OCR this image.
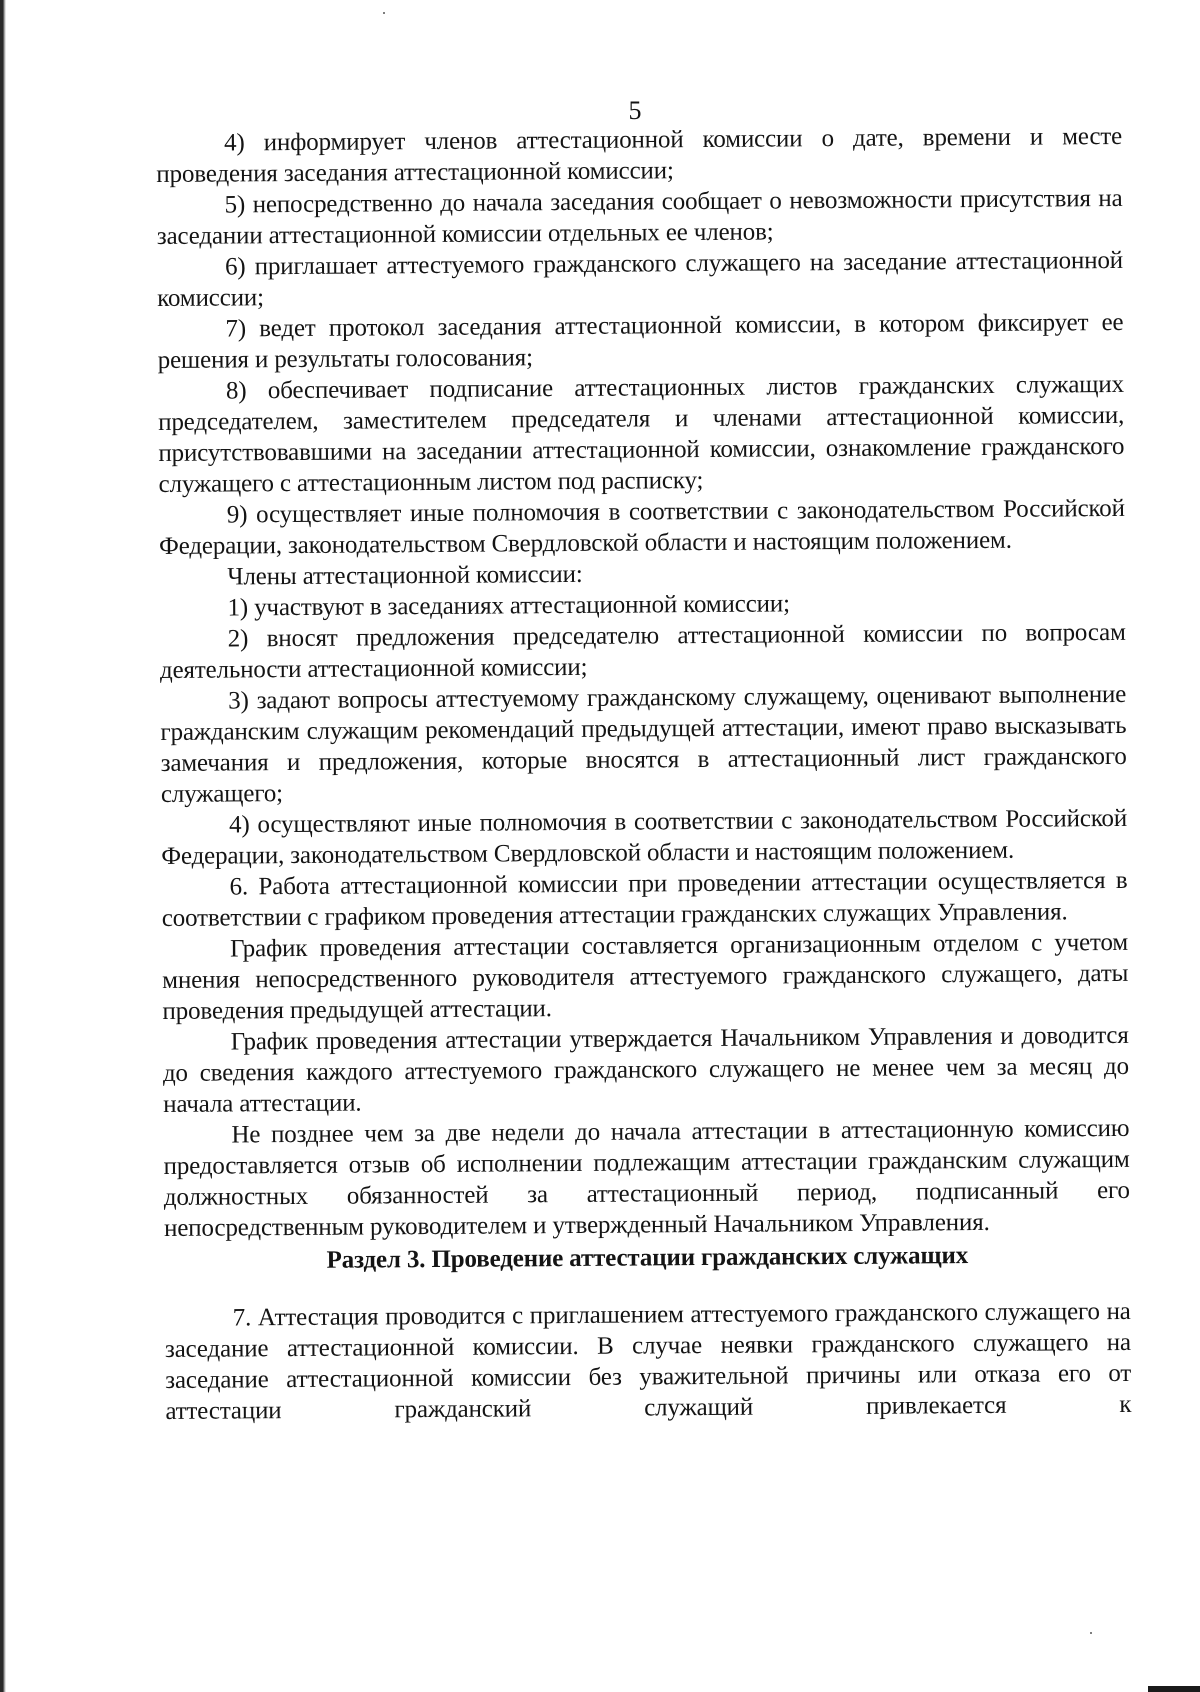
5

4) информирует членов аттестационной комиссии о дате, времени и месте проведения заседания аттестационной комиссии;

5) непосредственно до начала заседания сообщает о невозможности присутствия на заседании аттестационной комиссии отдельных ее членов;

6) приглашает аттестуемого гражданского служащего на заседание аттестационной комиссии;

7) ведет протокол заседания аттестационной комиссии, в котором фиксирует ее решения и результаты голосования;

8) обеспечивает подписание аттестационных листов гражданских служащих председателем, заместителем председателя и членами аттестационной комиссии, присутствовавшими на заседании аттестационной комиссии, ознакомление гражданского служащего с аттестационным листом под расписку;

9) осуществляет иные полномочия в соответствии с законодательством Российской Федерации, законодательством Свердловской области и настоящим положением.

Члены аттестационной комиссии:

1) участвуют в заседаниях аттестационной комиссии;

2) вносят предложения председателю аттестационной комиссии по вопросам деятельности аттестационной комиссии;

3) задают вопросы аттестуемому гражданскому служащему, оценивают выполнение гражданским служащим рекомендаций предыдущей аттестации, имеют право высказывать замечания и предложения, которые вносятся в аттестационный лист гражданского служащего;

4) осуществляют иные полномочия в соответствии с законодательством Российской Федерации, законодательством Свердловской области и настоящим положением.

6. Работа аттестационной комиссии при проведении аттестации осуществляется в соответствии с графиком проведения аттестации гражданских служащих Управления.

График проведения аттестации составляется организационным отделом с учетом мнения непосредственного руководителя аттестуемого гражданского служащего, даты проведения предыдущей аттестации.

График проведения аттестации утверждается Начальником Управления и доводится до сведения каждого аттестуемого гражданского служащего не менее чем за месяц до начала аттестации.

Не позднее чем за две недели до начала аттестации в аттестационную комиссию предоставляется отзыв об исполнении подлежащим аттестации гражданским служащим должностных обязанностей за аттестационный период, подписанный его непосредственным руководителем и утвержденный Начальником Управления.

Раздел 3. Проведение аттестации гражданских служащих

7. Аттестация проводится с приглашением аттестуемого гражданского служащего на заседание аттестационной комиссии. В случае неявки гражданского служащего на заседание аттестационной комиссии без уважительной причины или отказа его от аттестации гражданский служащий привлекается к
